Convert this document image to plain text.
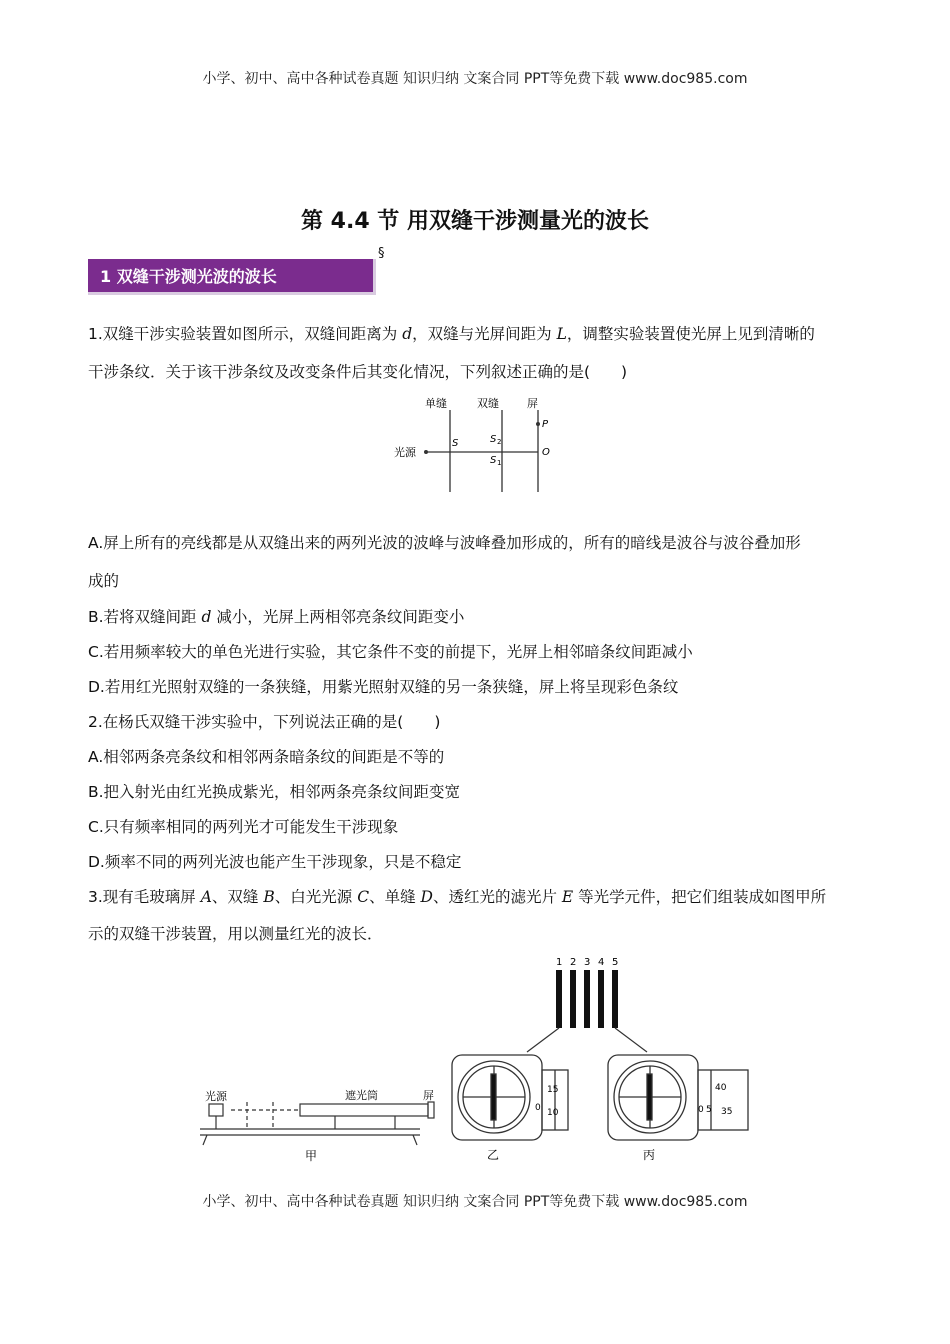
小学、初中、高中各种试卷真题 知识归纳 文案合同 PPT等免费下载 www.doc985.com
第 4.4 节 用双缝干涉测量光的波长
1 双缝干涉测光波的波长
§
1.双缝干涉实验装置如图所示，双缝间距离为 d，双缝与光屏间距为 L，调整实验装置使光屏上见到清晰的
干涉条纹．关于该干涉条纹及改变条件后其变化情况，下列叙述正确的是(　　)
单缝	双缝	屏
光源
S	S 2
S 1
P
O
A.屏上所有的亮线都是从双缝出来的两列光波的波峰与波峰叠加形成的，所有的暗线是波谷与波谷叠加形
成的
B.若将双缝间距 d 减小，光屏上两相邻亮条纹间距变小
C.若用频率较大的单色光进行实验，其它条件不变的前提下，光屏上相邻暗条纹间距减小
D.若用红光照射双缝的一条狭缝，用紫光照射双缝的另一条狭缝，屏上将呈现彩色条纹
2.在杨氏双缝干涉实验中，下列说法正确的是(　　)
A.相邻两条亮条纹和相邻两条暗条纹的间距是不等的
B.把入射光由红光换成紫光，相邻两条亮条纹间距变宽
C.只有频率相同的两列光才可能发生干涉现象
D.频率不同的两列光波也能产生干涉现象，只是不稳定
3.现有毛玻璃屏 A、双缝 B、白光光源 C、单缝 D、透红光的滤光片 E 等光学元件，把它们组装成如图甲所
示的双缝干涉装置，用以测量红光的波长．
1 2 3 4 5
光源	遮光筒	屏
甲
15
0 10
乙
40
0 5 35
丙
小学、初中、高中各种试卷真题 知识归纳 文案合同 PPT等免费下载 www.doc985.com
